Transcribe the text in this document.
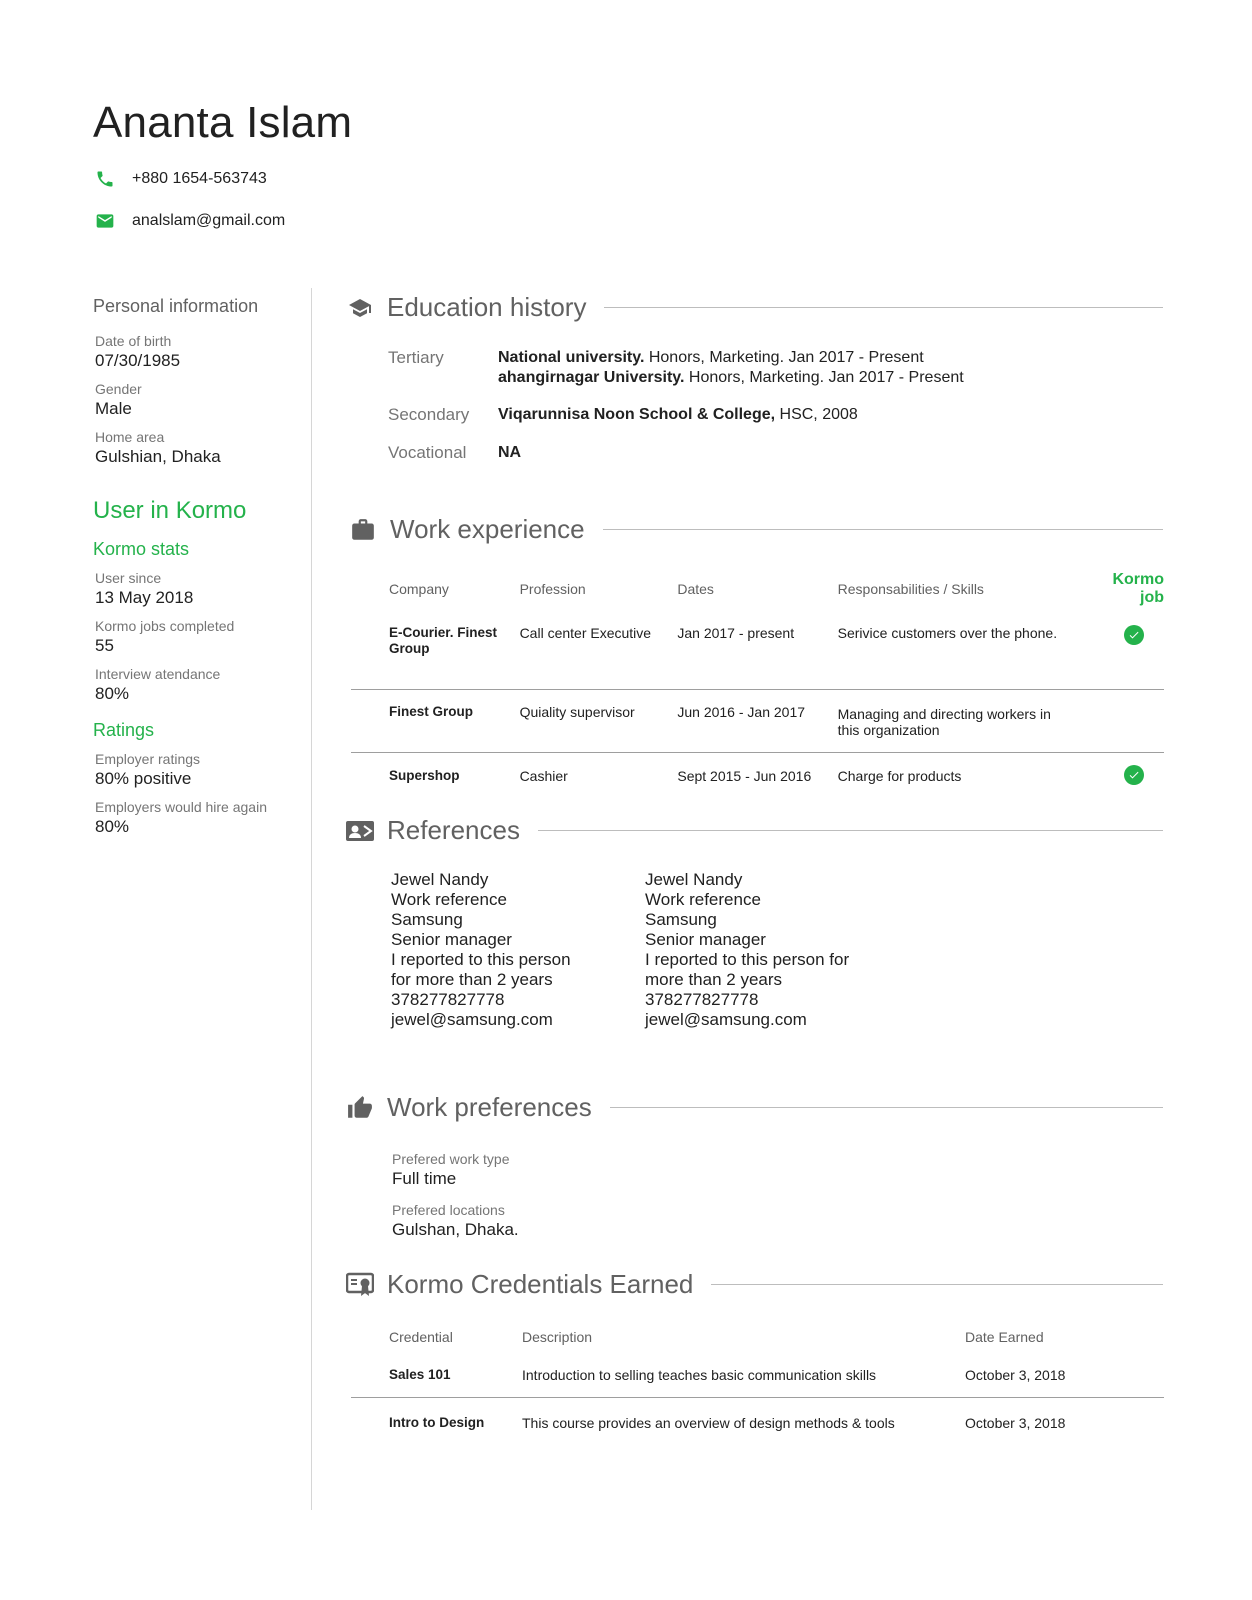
Ananta Islam
+880 1654-563743
analslam@gmail.com
Personal information
Date of birth
07/30/1985
Gender
Male
Home area
Gulshian, Dhaka
User in Kormo
Kormo stats
User since
13 May 2018
Kormo jobs completed
55
Interview atendance
80%
Ratings
Employer ratings
80% positive
Employers would hire again
80%
Education history
Tertiary	National university. Honors, Marketing. Jan 2017 - Present
ahangirnagar University. Honors, Marketing. Jan 2017 - Present
Secondary	Viqarunnisa Noon School & College, HSC, 2008
Vocational	NA
Work experience
Company	Profession	Dates	Responsabilities / Skills	Kormo job
E-Courier. Finest Group	Call center Executive	Jan 2017 - present	Serivice customers over the phone.	

Finest Group	Quiality supervisor	Jun 2016 - Jan 2017	Managing and directing workers in this organization	
Supershop	Cashier	Sept 2015 - Jun 2016	Charge for products	
References
Jewel Nandy
Work reference
Samsung
Senior manager
I reported to this person for more than 2 years
378277827778
jewel@samsung.com
Jewel Nandy
Work reference
Samsung
Senior manager
I reported to this person for more than 2 years
378277827778
jewel@samsung.com
Work preferences
Prefered work type
Full time
Prefered locations
Gulshan, Dhaka.
Kormo Credentials Earned
Credential	Description	Date Earned
Sales 101	Introduction to selling teaches basic communication skills	October 3, 2018
Intro to Design	This course provides an overview of design methods & tools	October 3, 2018
